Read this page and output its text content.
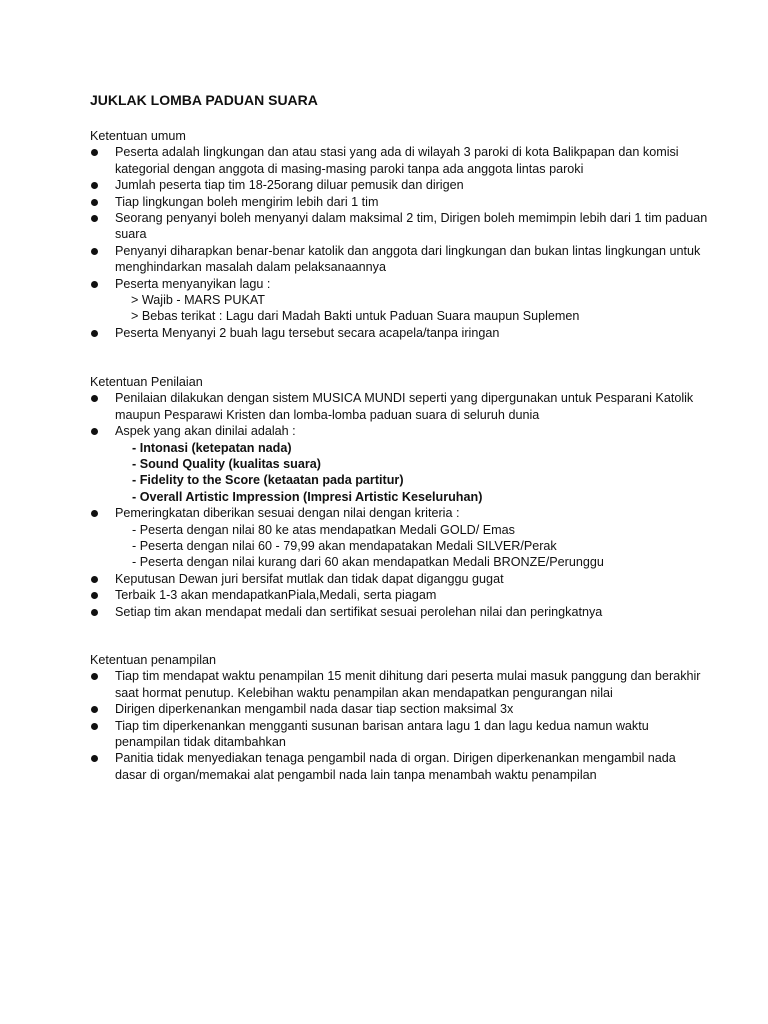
JUKLAK LOMBA PADUAN SUARA
Ketentuan umum
Peserta adalah lingkungan dan atau stasi yang ada di wilayah 3 paroki di kota Balikpapan dan komisi kategorial dengan anggota di masing-masing paroki tanpa ada anggota lintas paroki
Jumlah peserta tiap tim 18-25orang diluar pemusik dan dirigen
Tiap lingkungan boleh mengirim lebih dari 1 tim
Seorang penyanyi boleh menyanyi dalam maksimal 2 tim, Dirigen boleh memimpin lebih dari 1 tim paduan suara
Penyanyi diharapkan benar-benar katolik dan anggota dari lingkungan dan bukan lintas lingkungan untuk menghindarkan masalah dalam pelaksanaannya
Peserta menyanyikan lagu :
> Wajib - MARS PUKAT
> Bebas terikat : Lagu dari Madah Bakti untuk Paduan Suara maupun Suplemen
Peserta Menyanyi 2 buah lagu tersebut secara acapela/tanpa iringan
Ketentuan Penilaian
Penilaian dilakukan dengan sistem MUSICA MUNDI seperti yang dipergunakan untuk Pesparani Katolik maupun Pesparawi Kristen dan lomba-lomba paduan suara di seluruh dunia
Aspek yang akan dinilai adalah :
- Intonasi (ketepatan nada)
- Sound Quality (kualitas suara)
- Fidelity to the Score (ketaatan pada partitur)
- Overall Artistic Impression (Impresi Artistic Keseluruhan)
Pemeringkatan diberikan sesuai dengan nilai dengan kriteria :
- Peserta dengan nilai 80 ke atas mendapatkan Medali GOLD/ Emas
- Peserta dengan nilai 60 - 79,99 akan mendapatakan Medali SILVER/Perak
- Peserta dengan nilai kurang dari 60 akan mendapatkan Medali BRONZE/Perunggu
Keputusan Dewan juri bersifat mutlak dan tidak dapat diganggu gugat
Terbaik 1-3 akan mendapatkanPiala,Medali, serta piagam
Setiap tim akan mendapat medali dan sertifikat sesuai perolehan nilai dan peringkatnya
Ketentuan penampilan
Tiap tim mendapat waktu penampilan 15 menit dihitung dari peserta mulai masuk panggung dan berakhir saat hormat penutup. Kelebihan waktu penampilan akan mendapatkan pengurangan nilai
Dirigen diperkenankan mengambil nada dasar tiap section maksimal 3x
Tiap tim diperkenankan mengganti susunan barisan antara lagu 1 dan lagu kedua namun waktu penampilan tidak ditambahkan
Panitia tidak menyediakan tenaga pengambil nada di organ. Dirigen diperkenankan mengambil nada dasar di organ/memakai alat pengambil nada lain tanpa menambah waktu penampilan
